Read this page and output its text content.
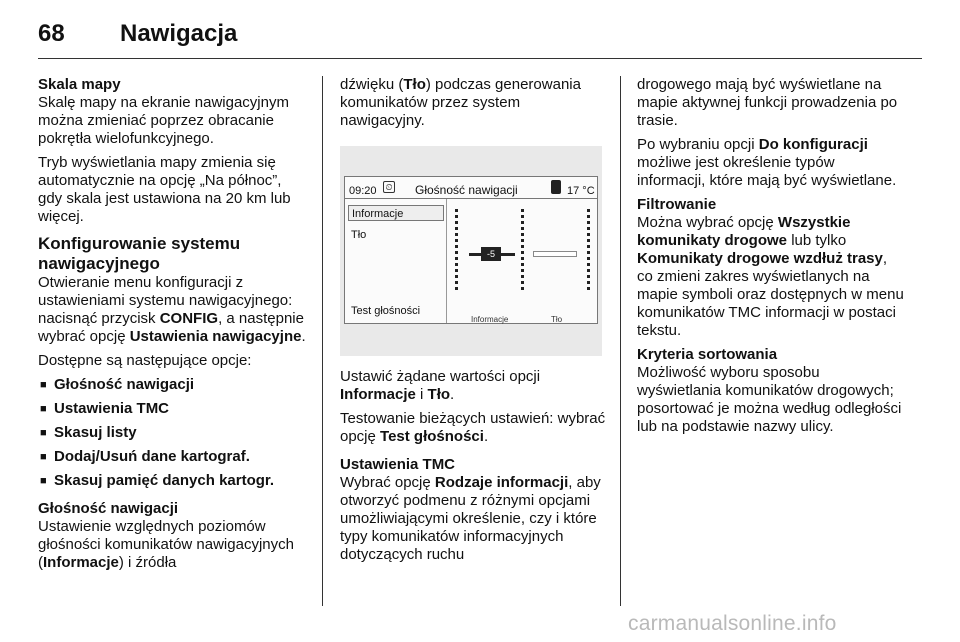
68 Nawigacja
Skala mapy

Skalę mapy na ekranie nawigacyjnym można zmieniać poprzez obracanie pokrętła wielofunkcyjnego.

Tryb wyświetlania mapy zmienia się automatycznie na opcję „Na północ”, gdy skala jest ustawiona na 20 km lub więcej.

Konfigurowanie systemu nawigacyjnego

Otwieranie menu konfiguracji z ustawieniami systemu nawigacyjnego: nacisnąć przycisk CONFIG, a następnie wybrać opcję Ustawienia nawigacyjne.

Dostępne są następujące opcje:

■ Głośność nawigacji
■ Ustawienia TMC
■ Skasuj listy
■ Dodaj/Usuń dane kartograf.
■ Skasuj pamięć danych kartogr.
Głośność nawigacji

Ustawienie względnych poziomów głośności komunikatów nawigacyjnych (Informacje) i źródła

dźwięku (Tło) podczas generowania komunikatów przez system nawigacyjny.

09:20 ⏲ Głośność nawigacji	17 °C
Informacje
Tło
Test głośności
-5
Informacje	Tło

Ustawić żądane wartości opcji Informacje i Tło.

Testowanie bieżących ustawień: wybrać opcję Test głośności.

Ustawienia TMC

Wybrać opcję Rodzaje informacji, aby otworzyć podmenu z różnymi opcjami umożliwiającymi określenie, czy i które typy komunikatów informacyjnych dotyczących ruchu

drogowego mają być wyświetlane na mapie aktywnej funkcji prowadzenia po trasie.

Po wybraniu opcji Do konfiguracji możliwe jest określenie typów informacji, które mają być wyświetlane.

Filtrowanie

Można wybrać opcję Wszystkie komunikaty drogowe lub tylko Komunikaty drogowe wzdłuż trasy, co zmieni zakres wyświetlanych na mapie symboli oraz dostępnych w menu komunikatów TMC informacji w postaci tekstu.

Kryteria sortowania

Możliwość wyboru sposobu wyświetlania komunikatów drogowych; posortować je można według odległości lub na podstawie nazwy ulicy.

carmanualsonline.info
